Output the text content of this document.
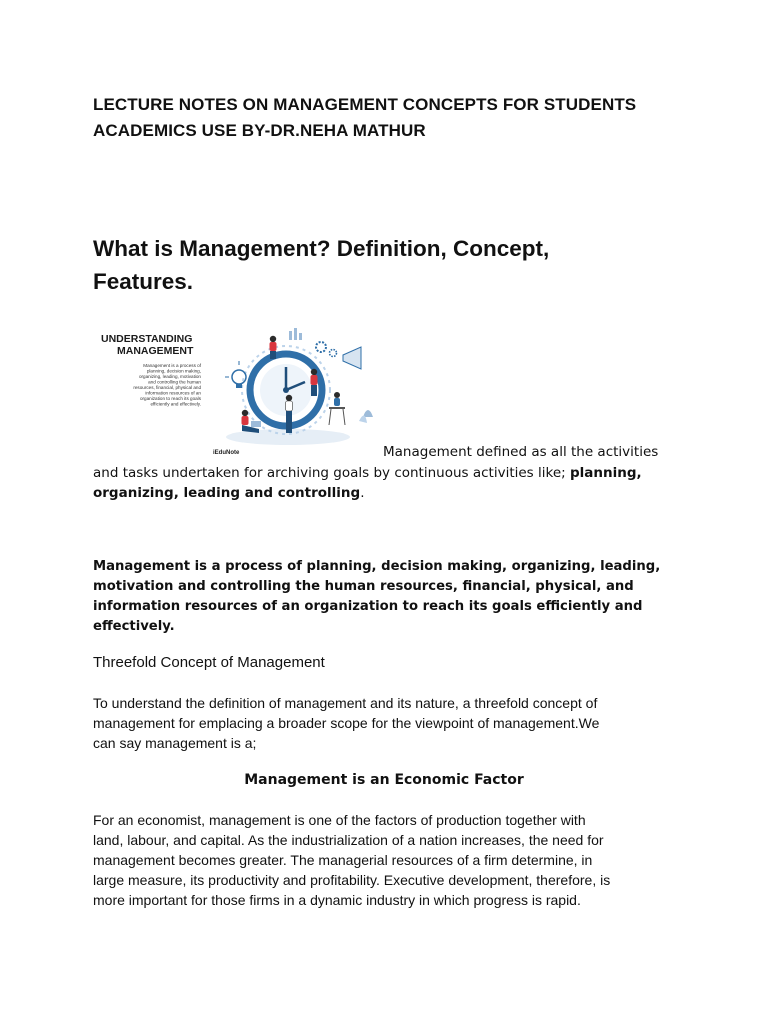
LECTURE NOTES ON MANAGEMENT CONCEPTS FOR STUDENTS
ACADEMICS USE BY-DR.NEHA MATHUR
What is Management? Definition, Concept,
Features.
UNDERSTANDING
MANAGEMENT
Management is a process of
planning, decision making,
organizing, leading, motivation
and controlling the human
resources, financial, physical and
information resources of an
organization to reach its goals
efficiently and effectively.
iEduNote	Management defined as all the activities

and tasks undertaken for archiving goals by continuous activities like; planning,
organizing, leading and controlling.

Management is a process of planning, decision making, organizing, leading,
motivation and controlling the human resources, financial, physical, and
information resources of an organization to reach its goals efficiently and
effectively.
Threefold Concept of Management
To understand the definition of management and its nature, a threefold concept of
management for emplacing a broader scope for the viewpoint of management.We
can say management is a;
Management is an Economic Factor
For an economist, management is one of the factors of production together with
land, labour, and capital. As the industrialization of a nation increases, the need for
management becomes greater. The managerial resources of a firm determine, in
large measure, its productivity and profitability. Executive development, therefore, is
more important for those firms in a dynamic industry in which progress is rapid.
